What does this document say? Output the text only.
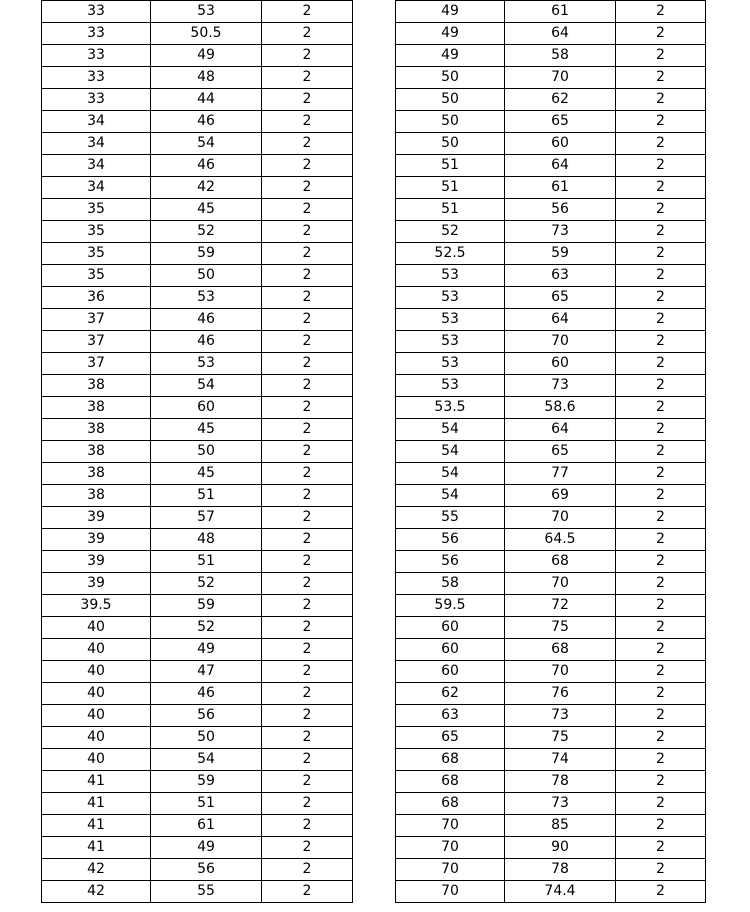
33	53	2
33	50.5	2
33	49	2
33	48	2
33	44	2
34	46	2
34	54	2
34	46	2
34	42	2
35	45	2
35	52	2
35	59	2
35	50	2
36	53	2
37	46	2
37	46	2
37	53	2
38	54	2
38	60	2
38	45	2
38	50	2
38	45	2
38	51	2
39	57	2
39	48	2
39	51	2
39	52	2
39.5	59	2
40	52	2
40	49	2
40	47	2
40	46	2
40	56	2
40	50	2
40	54	2
41	59	2
41	51	2
41	61	2
41	49	2
42	56	2
42	55	2
49	61	2
49	64	2
49	58	2
50	70	2
50	62	2
50	65	2
50	60	2
51	64	2
51	61	2
51	56	2
52	73	2
52.5	59	2
53	63	2
53	65	2
53	64	2
53	70	2
53	60	2
53	73	2
53.5	58.6	2
54	64	2
54	65	2
54	77	2
54	69	2
55	70	2
56	64.5	2
56	68	2
58	70	2
59.5	72	2
60	75	2
60	68	2
60	70	2
62	76	2
63	73	2
65	75	2
68	74	2
68	78	2
68	73	2
70	85	2
70	90	2
70	78	2
70	74.4	2
